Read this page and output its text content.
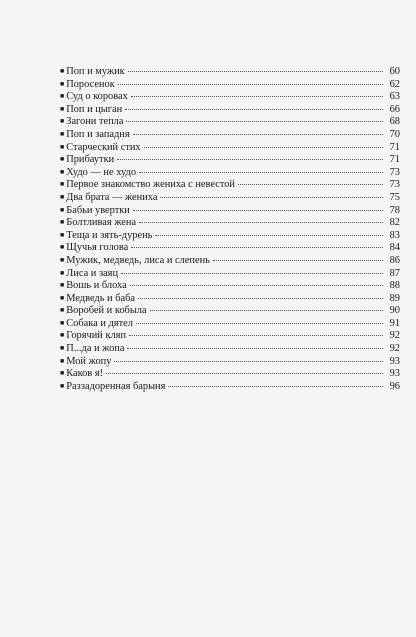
■ Поп и мужик	60
■ Поросенок	62
■ Суд о коровах	63
■ Поп и цыган	66
■ Загони тепла	68
■ Поп и западня	70
■ Старческий стих	71
■ Прибаутки	71
■ Худо — не худо	73
■ Первое знакомство жениха с невестой	73
■ Два брата — жениха	75
■ Бабьи увертки	78
■ Болтливая жена	82
■ Теща и зять-дурень	83
■ Щучья голова	84
■ Мужик, медведь, лиса и слепень	86
■ Лиса и заяц	87
■ Вошь и блоха	88
■ Медведь и баба	89
■ Воробей и кобыла	90
■ Собака и дятел	91
■ Горячий кляп	92
■ П...да и жопа	92
■ Мой жопу	93
■ Каков я!	93
■ Раззадоренная барыня	96
